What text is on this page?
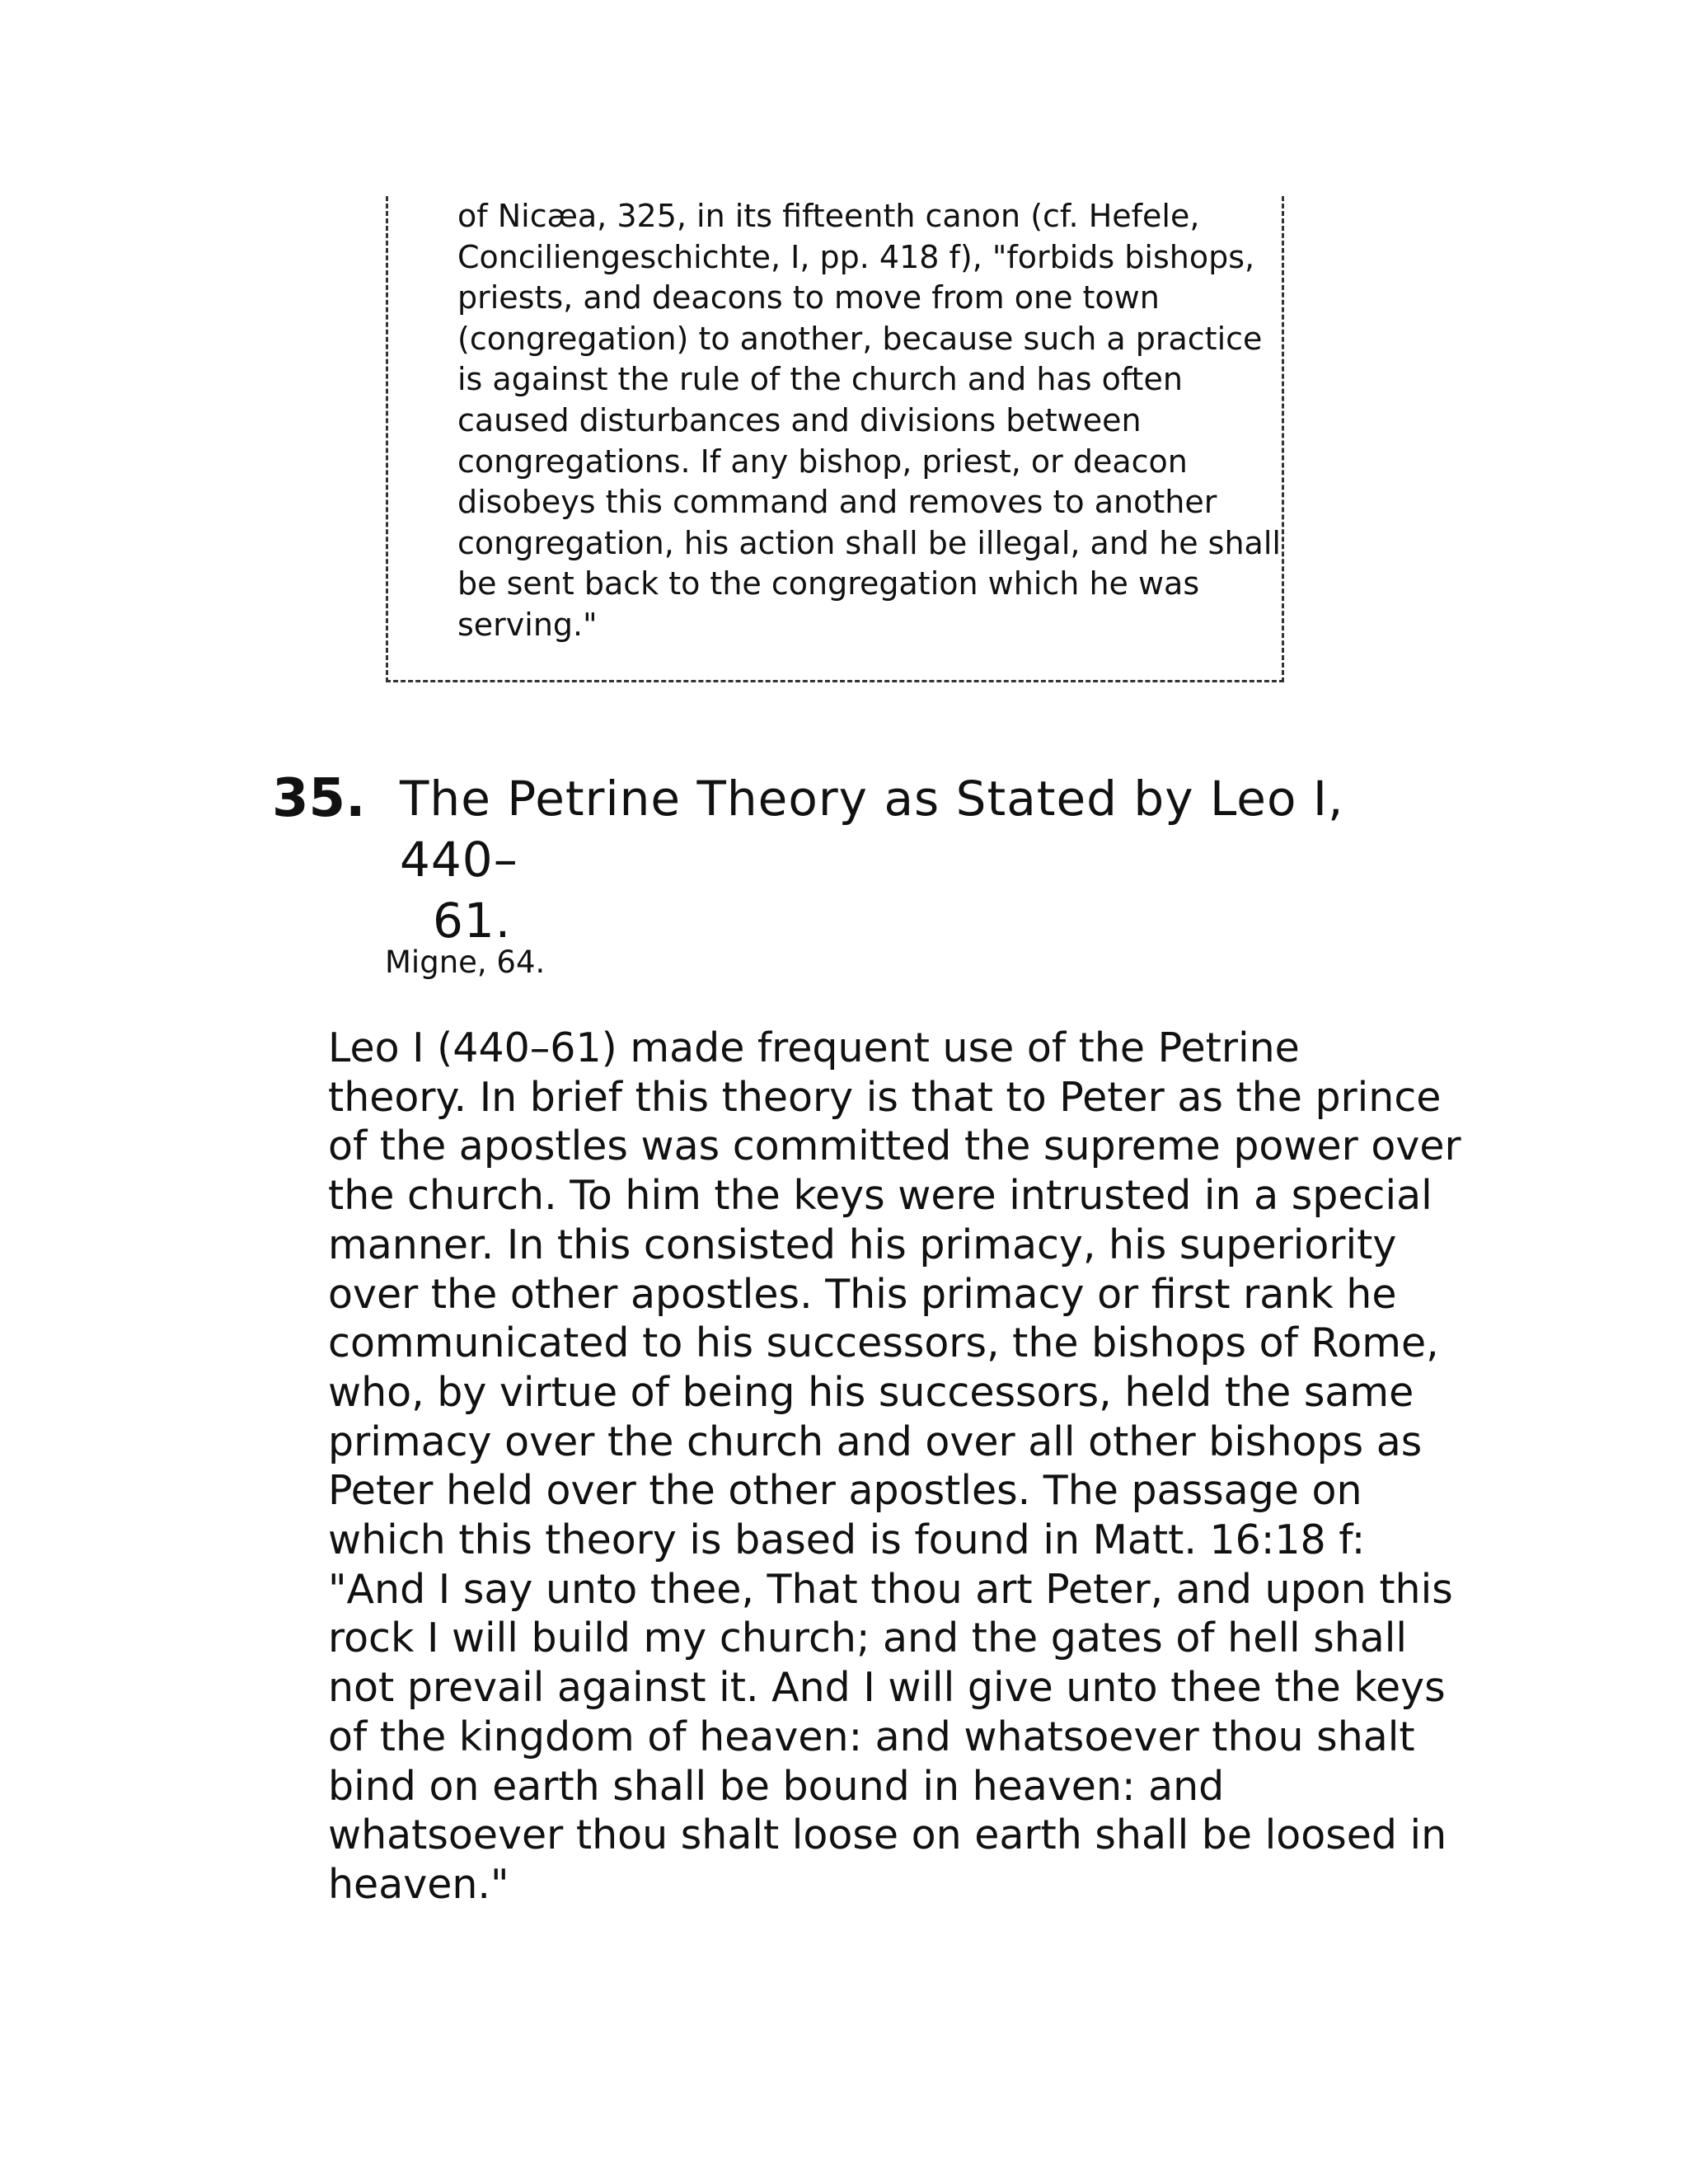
of Nicæa, 325, in its fifteenth canon (cf. Hefele,
Conciliengeschichte, I, pp. 418 f), "forbids bishops,
priests, and deacons to move from one town
(congregation) to another, because such a practice
is against the rule of the church and has often
caused disturbances and divisions between
congregations. If any bishop, priest, or deacon
disobeys this command and removes to another
congregation, his action shall be illegal, and he shall
be sent back to the congregation which he was
serving."
35. The Petrine Theory as Stated by Leo I, 440–
61.
Migne, 64.
Leo I (440–61) made frequent use of the Petrine
theory. In brief this theory is that to Peter as the prince
of the apostles was committed the supreme power over
the church. To him the keys were intrusted in a special
manner. In this consisted his primacy, his superiority
over the other apostles. This primacy or first rank he
communicated to his successors, the bishops of Rome,
who, by virtue of being his successors, held the same
primacy over the church and over all other bishops as
Peter held over the other apostles. The passage on
which this theory is based is found in Matt. 16:18 f:
"And I say unto thee, That thou art Peter, and upon this
rock I will build my church; and the gates of hell shall
not prevail against it. And I will give unto thee the keys
of the kingdom of heaven: and whatsoever thou shalt
bind on earth shall be bound in heaven: and
whatsoever thou shalt loose on earth shall be loosed in
heaven."
